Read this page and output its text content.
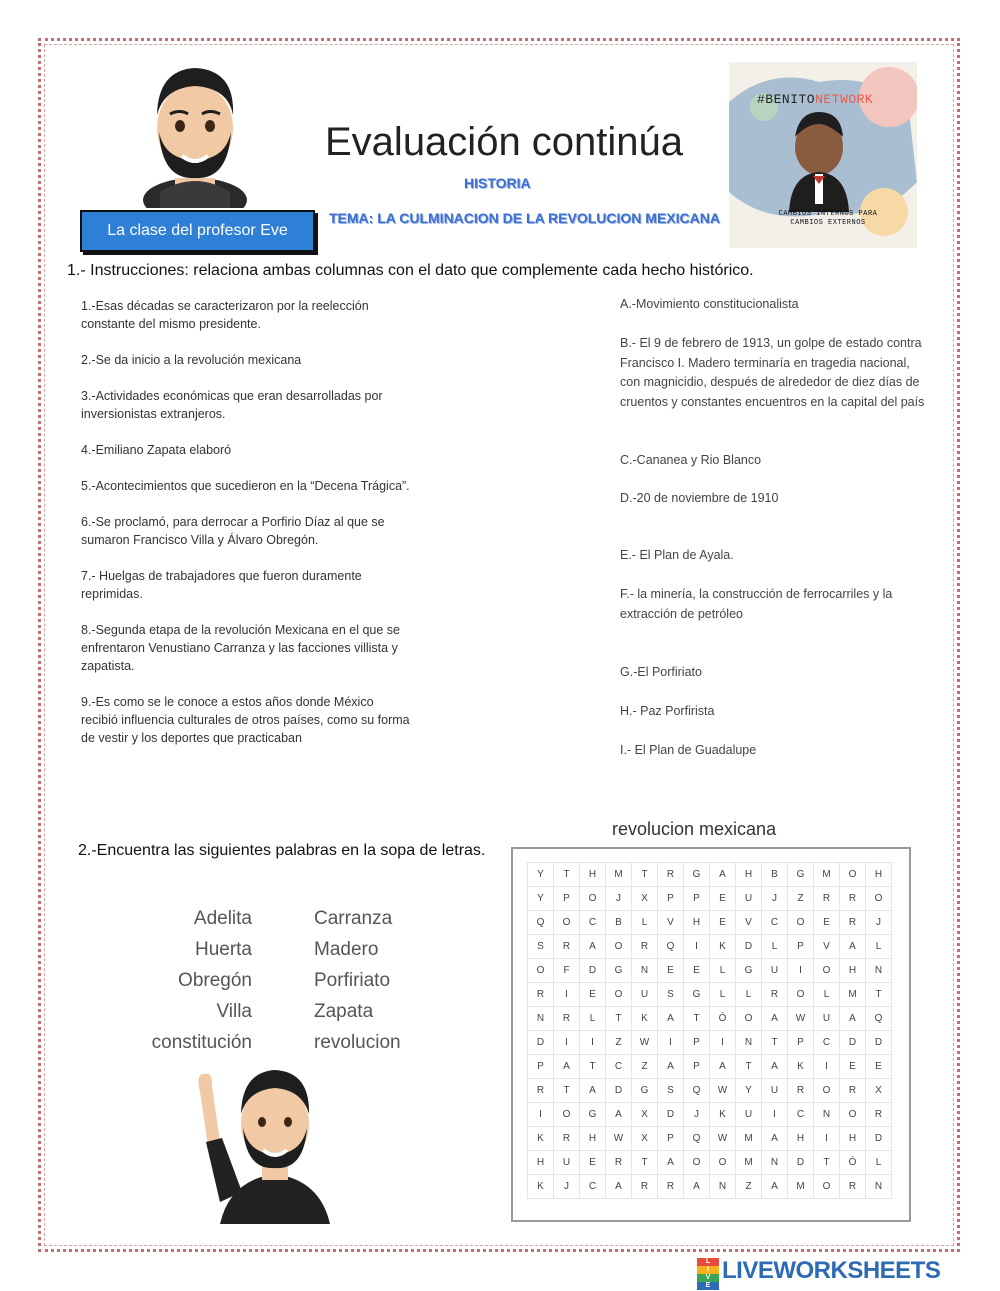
Evaluación continúa
HISTORIA
TEMA: LA CULMINACION DE LA REVOLUCION MEXICANA
La clase del profesor Eve
#BENITONETWORK
CAMBIOS INTERNOS PARA CAMBIOS EXTERNOS
1.- Instrucciones: relaciona ambas columnas con el dato que complemente cada hecho histórico.
1.-Esas décadas se caracterizaron por la reelección constante del mismo presidente.
2.-Se da inicio a la revolución mexicana
3.-Actividades económicas que eran desarrolladas por inversionistas extranjeros.
4.-Emiliano Zapata elaboró
5.-Acontecimientos que sucedieron en la “Decena Trágica”.
6.-Se proclamó, para derrocar a Porfirio Díaz al que se sumaron Francisco Villa y Álvaro Obregón.
7.- Huelgas de trabajadores que fueron duramente reprimidas.
8.-Segunda etapa de la revolución Mexicana en el que se enfrentaron Venustiano Carranza y las facciones villista y zapatista.
9.-Es como se le conoce a estos años donde México recibió influencia culturales de otros países, como su forma de vestir y los deportes que practicaban
A.-Movimiento constitucionalista
B.- El 9 de febrero de 1913, un golpe de estado contra Francisco I. Madero terminaría en tragedia nacional, con magnicidio, después de alrededor de diez días de cruentos y constantes encuentros en la capital del país
C.-Cananea y Rio Blanco
D.-20 de noviembre de 1910
E.- El Plan de Ayala.
F.- la minería, la construcción de ferrocarriles y la extracción de petróleo
G.-El Porfiriato
H.- Paz Porfirista
I.- El Plan de Guadalupe
2.-Encuentra las siguientes palabras en la sopa de letras.
Adelita
Huerta
Obregón
Villa
constitución
Carranza
Madero
Porfiriato
Zapata
revolucion
revolucion mexicana
Y	T	H	M	T	R	G	A	H	B	G	M	O	H
Y	P	O	J	X	P	P	E	U	J	Z	R	R	O
Q	O	C	B	L	V	H	E	V	C	O	E	R	J
S	R	A	O	R	Q	I	K	D	L	P	V	A	L
O	F	D	G	N	E	E	L	G	U	I	O	H	N
R	I	E	O	U	S	G	L	L	R	O	L	M	T
N	R	L	T	K	A	T	Ó	O	A	W	U	A	Q
D	I	I	Z	W	I	P	I	N	T	P	C	D	D
P	A	T	C	Z	A	P	A	T	A	K	I	E	E
R	T	A	D	G	S	Q	W	Y	U	R	O	R	X
I	O	G	A	X	D	J	K	U	I	C	N	O	R
K	R	H	W	X	P	Q	W	M	A	H	I	H	D
H	U	E	R	T	A	O	O	M	N	D	T	Ó	L
K	J	C	A	R	R	A	N	Z	A	M	O	R	N
L
I
V
E
LIVEWORKSHEETS
